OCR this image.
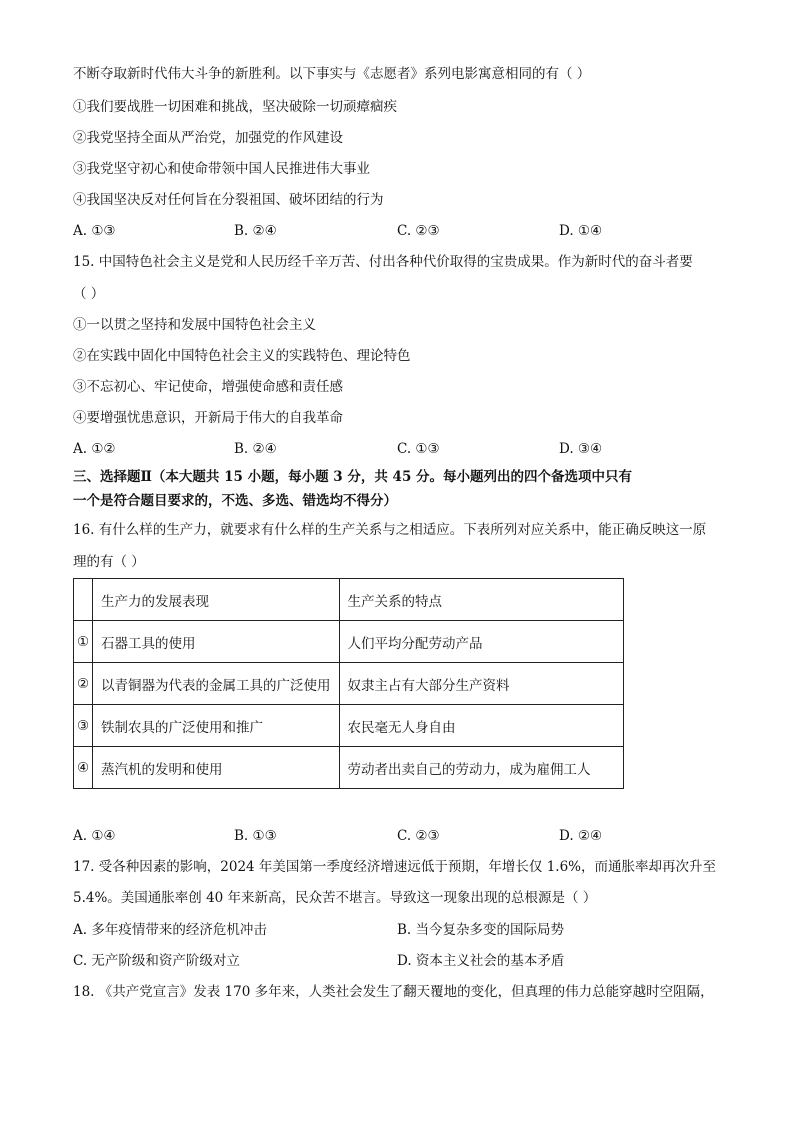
不断夺取新时代伟大斗争的新胜利。以下事实与《志愿者》系列电影寓意相同的有（ ）
①我们要战胜一切困难和挑战，坚决破除一切顽瘴痼疾
②我党坚持全面从严治党，加强党的作风建设
③我党坚守初心和使命带领中国人民推进伟大事业
④我国坚决反对任何旨在分裂祖国、破坏团结的行为
A. ①③	B. ②④	C. ②③	D. ①④
15. 中国特色社会主义是党和人民历经千辛万苦、付出各种代价取得的宝贵成果。作为新时代的奋斗者要
（ ）
①一以贯之坚持和发展中国特色社会主义
②在实践中固化中国特色社会主义的实践特色、理论特色
③不忘初心、牢记使命，增强使命感和责任感
④要增强忧患意识，开新局于伟大的自我革命
A. ①②	B. ②④	C. ①③	D. ③④
三、选择题Ⅱ（本大题共 15 小题，每小题 3 分，共 45 分。每小题列出的四个备选项中只有
一个是符合题目要求的，不选、多选、错选均不得分）
16. 有什么样的生产力，就要求有什么样的生产关系与之相适应。下表所列对应关系中，能正确反映这一原
理的有（ ）
	生产力的发展表现	生产关系的特点
①	石器工具的使用	人们平均分配劳动产品
②	以青铜器为代表的金属工具的广泛使用	奴隶主占有大部分生产资料
③	铁制农具的广泛使用和推广	农民毫无人身自由
④	蒸汽机的发明和使用	劳动者出卖自己的劳动力，成为雇佣工人
A. ①④	B. ①③	C. ②③	D. ②④
17. 受各种因素的影响，2024 年美国第一季度经济增速远低于预期，年增长仅 1.6%，而通胀率却再次升至
5.4%。美国通胀率创 40 年来新高，民众苦不堪言。导致这一现象出现的总根源是（ ）
A. 多年疫情带来的经济危机冲击	B. 当今复杂多变的国际局势
C. 无产阶级和资产阶级对立	D. 资本主义社会的基本矛盾
18. 《共产党宣言》发表 170 多年来，人类社会发生了翻天覆地的变化，但真理的伟力总能穿越时空阻隔，
